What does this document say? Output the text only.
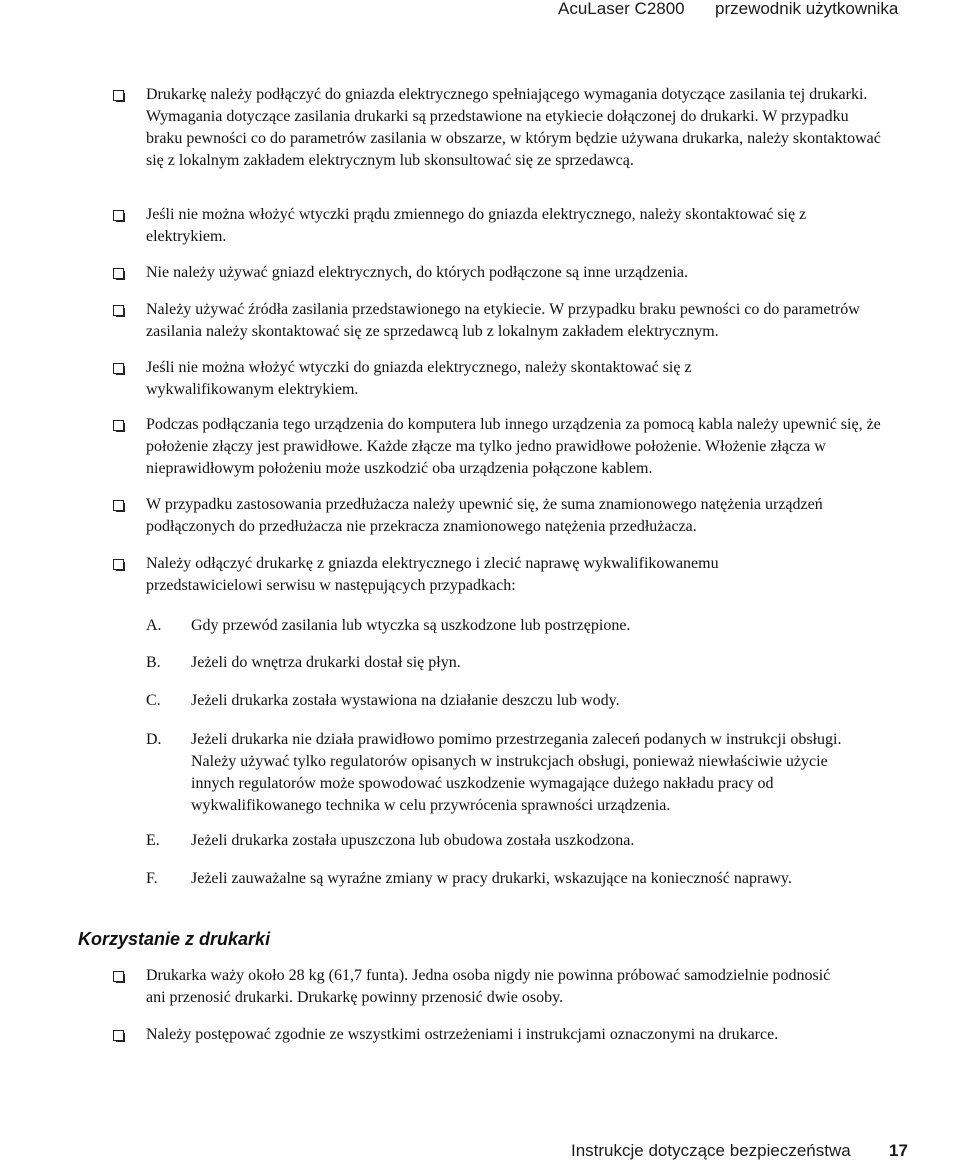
AcuLaser C2800 przewodnik użytkownika
Drukarkę należy podłączyć do gniazda elektrycznego spełniającego wymagania dotyczące zasilania tej drukarki. Wymagania dotyczące zasilania drukarki są przedstawione na etykiecie dołączonej do drukarki. W przypadku braku pewności co do parametrów zasilania w obszarze, w którym będzie używana drukarka, należy skontaktować się z lokalnym zakładem elektrycznym lub skonsultować się ze sprzedawcą.
Jeśli nie można włożyć wtyczki prądu zmiennego do gniazda elektrycznego, należy skontaktować się z elektrykiem.
Nie należy używać gniazd elektrycznych, do których podłączone są inne urządzenia.
Należy używać źródła zasilania przedstawionego na etykiecie. W przypadku braku pewności co do parametrów zasilania należy skontaktować się ze sprzedawcą lub z lokalnym zakładem elektrycznym.
Jeśli nie można włożyć wtyczki do gniazda elektrycznego, należy skontaktować się z wykwalifikowanym elektrykiem.
Podczas podłączania tego urządzenia do komputera lub innego urządzenia za pomocą kabla należy upewnić się, że położenie złączy jest prawidłowe. Każde złącze ma tylko jedno prawidłowe położenie. Włożenie złącza w nieprawidłowym położeniu może uszkodzić oba urządzenia połączone kablem.
W przypadku zastosowania przedłużacza należy upewnić się, że suma znamionowego natężenia urządzeń podłączonych do przedłużacza nie przekracza znamionowego natężenia przedłużacza.
Należy odłączyć drukarkę z gniazda elektrycznego i zlecić naprawę wykwalifikowanemu przedstawicielowi serwisu w następujących przypadkach:
A. Gdy przewód zasilania lub wtyczka są uszkodzone lub postrzępione.
B. Jeżeli do wnętrza drukarki dostał się płyn.
C. Jeżeli drukarka została wystawiona na działanie deszczu lub wody.
D. Jeżeli drukarka nie działa prawidłowo pomimo przestrzegania zaleceń podanych w instrukcji obsługi. Należy używać tylko regulatorów opisanych w instrukcjach obsługi, ponieważ niewłaściwie użycie innych regulatorów może spowodować uszkodzenie wymagające dużego nakładu pracy od wykwalifikowanego technika w celu przywrócenia sprawności urządzenia.
E. Jeżeli drukarka została upuszczona lub obudowa została uszkodzona.
F. Jeżeli zauważalne są wyraźne zmiany w pracy drukarki, wskazujące na konieczność naprawy.
Korzystanie z drukarki
Drukarka waży około 28 kg (61,7 funta). Jedna osoba nigdy nie powinna próbować samodzielnie podnosić ani przenosić drukarki. Drukarkę powinny przenosić dwie osoby.
Należy postępować zgodnie ze wszystkimi ostrzeżeniami i instrukcjami oznaczonymi na drukarce.
Instrukcje dotyczące bezpieczeństwa 17
